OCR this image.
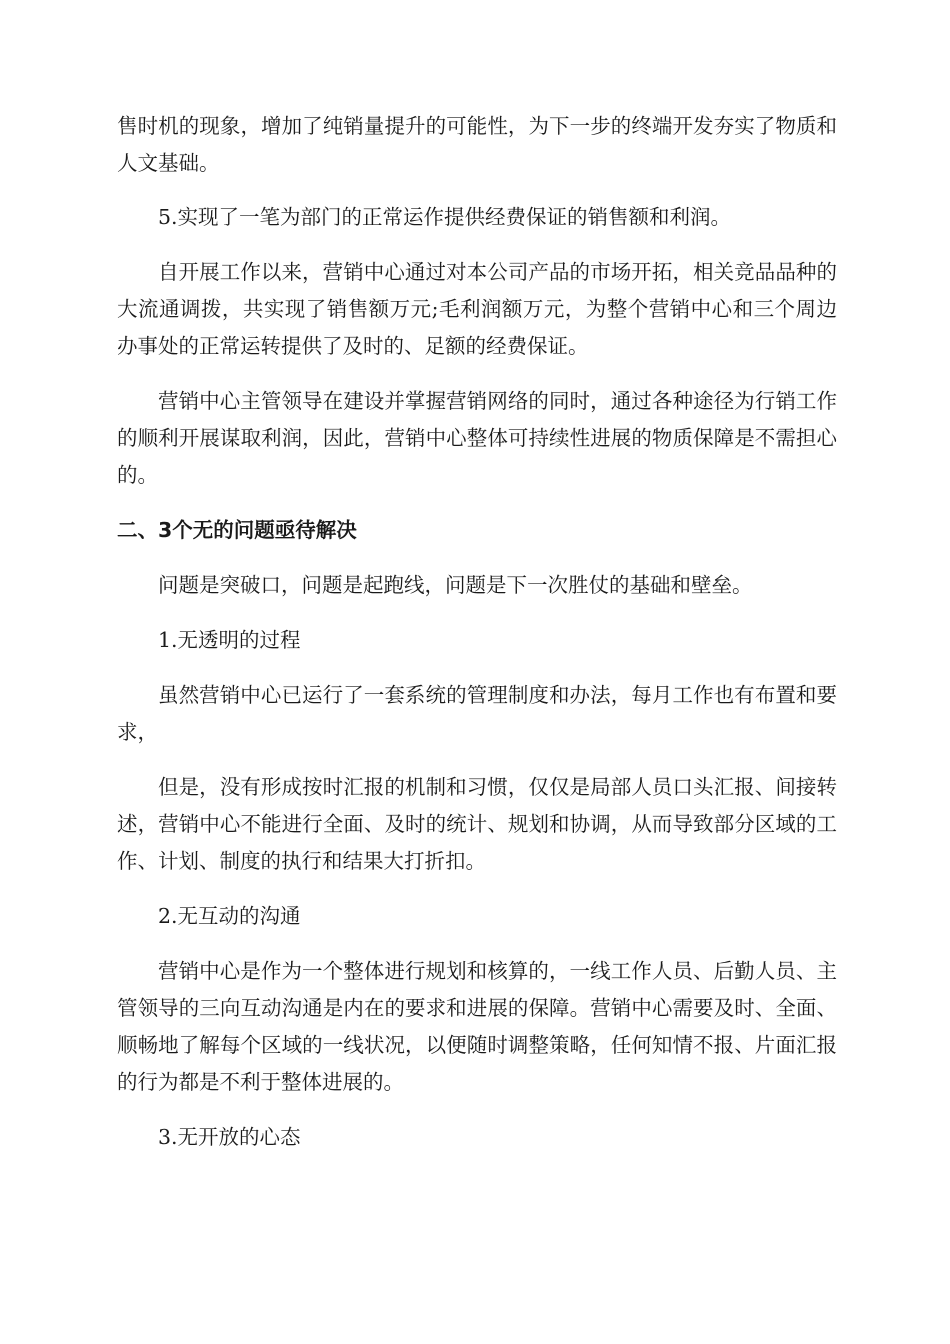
售时机的现象，增加了纯销量提升的可能性，为下一步的终端开发夯实了物质和人文基础。

5.实现了一笔为部门的正常运作提供经费保证的销售额和利润。

自开展工作以来，营销中心通过对本公司产品的市场开拓，相关竞品品种的大流通调拨，共实现了销售额万元;毛利润额万元，为整个营销中心和三个周边办事处的正常运转提供了及时的、足额的经费保证。

营销中心主管领导在建设并掌握营销网络的同时，通过各种途径为行销工作的顺利开展谋取利润，因此，营销中心整体可持续性进展的物质保障是不需担心的。

二、3个无的问题亟待解决

问题是突破口，问题是起跑线，问题是下一次胜仗的基础和壁垒。

1.无透明的过程

虽然营销中心已运行了一套系统的管理制度和办法，每月工作也有布置和要求，

但是，没有形成按时汇报的机制和习惯，仅仅是局部人员口头汇报、间接转述，营销中心不能进行全面、及时的统计、规划和协调，从而导致部分区域的工作、计划、制度的执行和结果大打折扣。

2.无互动的沟通

营销中心是作为一个整体进行规划和核算的，一线工作人员、后勤人员、主管领导的三向互动沟通是内在的要求和进展的保障。营销中心需要及时、全面、顺畅地了解每个区域的一线状况，以便随时调整策略，任何知情不报、片面汇报的行为都是不利于整体进展的。

3.无开放的心态
